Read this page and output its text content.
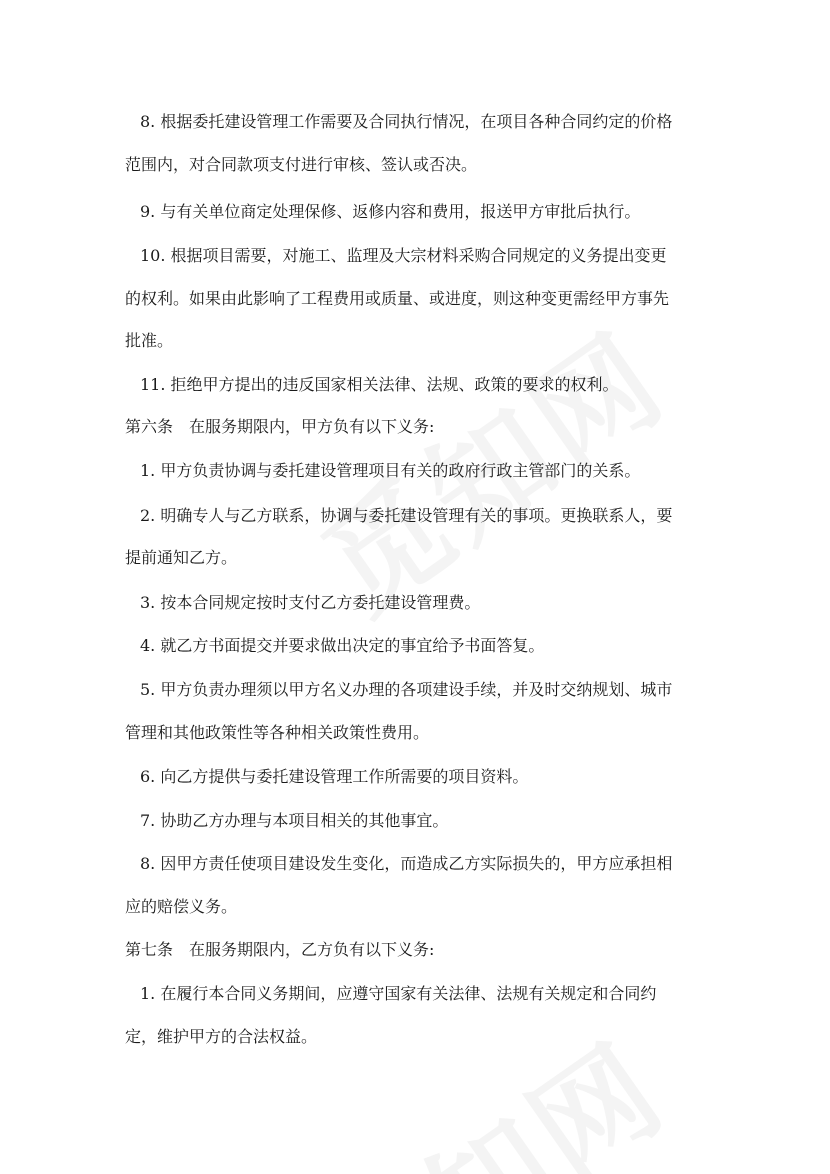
8. 根据委托建设管理工作需要及合同执行情况，在项目各种合同约定的价格
范围内，对合同款项支付进行审核、签认或否决。
9. 与有关单位商定处理保修、返修内容和费用，报送甲方审批后执行。
10. 根据项目需要，对施工、监理及大宗材料采购合同规定的义务提出变更
的权利。如果由此影响了工程费用或质量、或进度，则这种变更需经甲方事先
批准。
11. 拒绝甲方提出的违反国家相关法律、法规、政策的要求的权利。
第六条　在服务期限内，甲方负有以下义务:
1. 甲方负责协调与委托建设管理项目有关的政府行政主管部门的关系。
2. 明确专人与乙方联系，协调与委托建设管理有关的事项。更换联系人，要
提前通知乙方。
3. 按本合同规定按时支付乙方委托建设管理费。
4. 就乙方书面提交并要求做出决定的事宜给予书面答复。
5. 甲方负责办理须以甲方名义办理的各项建设手续，并及时交纳规划、城市
管理和其他政策性等各种相关政策性费用。
6. 向乙方提供与委托建设管理工作所需要的项目资料。
7. 协助乙方办理与本项目相关的其他事宜。
8. 因甲方责任使项目建设发生变化，而造成乙方实际损失的，甲方应承担相
应的赔偿义务。
第七条　在服务期限内，乙方负有以下义务:
1. 在履行本合同义务期间，应遵守国家有关法律、法规有关规定和合同约
定，维护甲方的合法权益。
